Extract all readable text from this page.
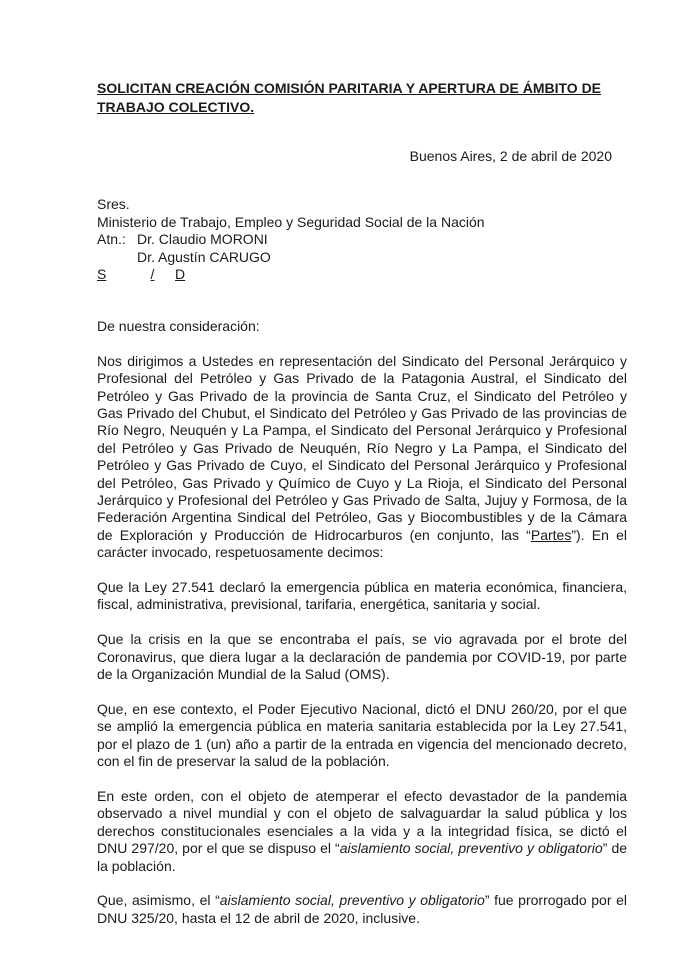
SOLICITAN CREACIÓN COMISIÓN PARITARIA Y APERTURA DE ÁMBITO DE TRABAJO COLECTIVO.

Buenos Aires, 2 de abril de 2020
Sres.
Ministerio de Trabajo, Empleo y Seguridad Social de la Nación
Atn.: Dr. Claudio MORONI
Dr. Agustín CARUGO
S	/	D

De nuestra consideración:

Nos dirigimos a Ustedes en representación del Sindicato del Personal Jerárquico y Profesional del Petróleo y Gas Privado de la Patagonia Austral, el Sindicato del Petróleo y Gas Privado de la provincia de Santa Cruz, el Sindicato del Petróleo y Gas Privado del Chubut, el Sindicato del Petróleo y Gas Privado de las provincias de Río Negro, Neuquén y La Pampa, el Sindicato del Personal Jerárquico y Profesional del Petróleo y Gas Privado de Neuquén, Río Negro y La Pampa, el Sindicato del Petróleo y Gas Privado de Cuyo, el Sindicato del Personal Jerárquico y Profesional del Petróleo, Gas Privado y Químico de Cuyo y La Rioja, el Sindicato del Personal Jerárquico y Profesional del Petróleo y Gas Privado de Salta, Jujuy y Formosa, de la Federación Argentina Sindical del Petróleo, Gas y Biocombustibles y de la Cámara de Exploración y Producción de Hidrocarburos (en conjunto, las “Partes”). En el carácter invocado, respetuosamente decimos:

Que la Ley 27.541 declaró la emergencia pública en materia económica, financiera, fiscal, administrativa, previsional, tarifaria, energética, sanitaria y social.

Que la crisis en la que se encontraba el país, se vio agravada por el brote del Coronavirus, que diera lugar a la declaración de pandemia por COVID-19, por parte de la Organización Mundial de la Salud (OMS).

Que, en ese contexto, el Poder Ejecutivo Nacional, dictó el DNU 260/20, por el que se amplió la emergencia pública en materia sanitaria establecida por la Ley 27.541, por el plazo de 1 (un) año a partir de la entrada en vigencia del mencionado decreto, con el fin de preservar la salud de la población.

En este orden, con el objeto de atemperar el efecto devastador de la pandemia observado a nivel mundial y con el objeto de salvaguardar la salud pública y los derechos constitucionales esenciales a la vida y a la integridad física, se dictó el DNU 297/20, por el que se dispuso el “aislamiento social, preventivo y obligatorio” de la población.

Que, asimismo, el “aislamiento social, preventivo y obligatorio” fue prorrogado por el DNU 325/20, hasta el 12 de abril de 2020, inclusive.
